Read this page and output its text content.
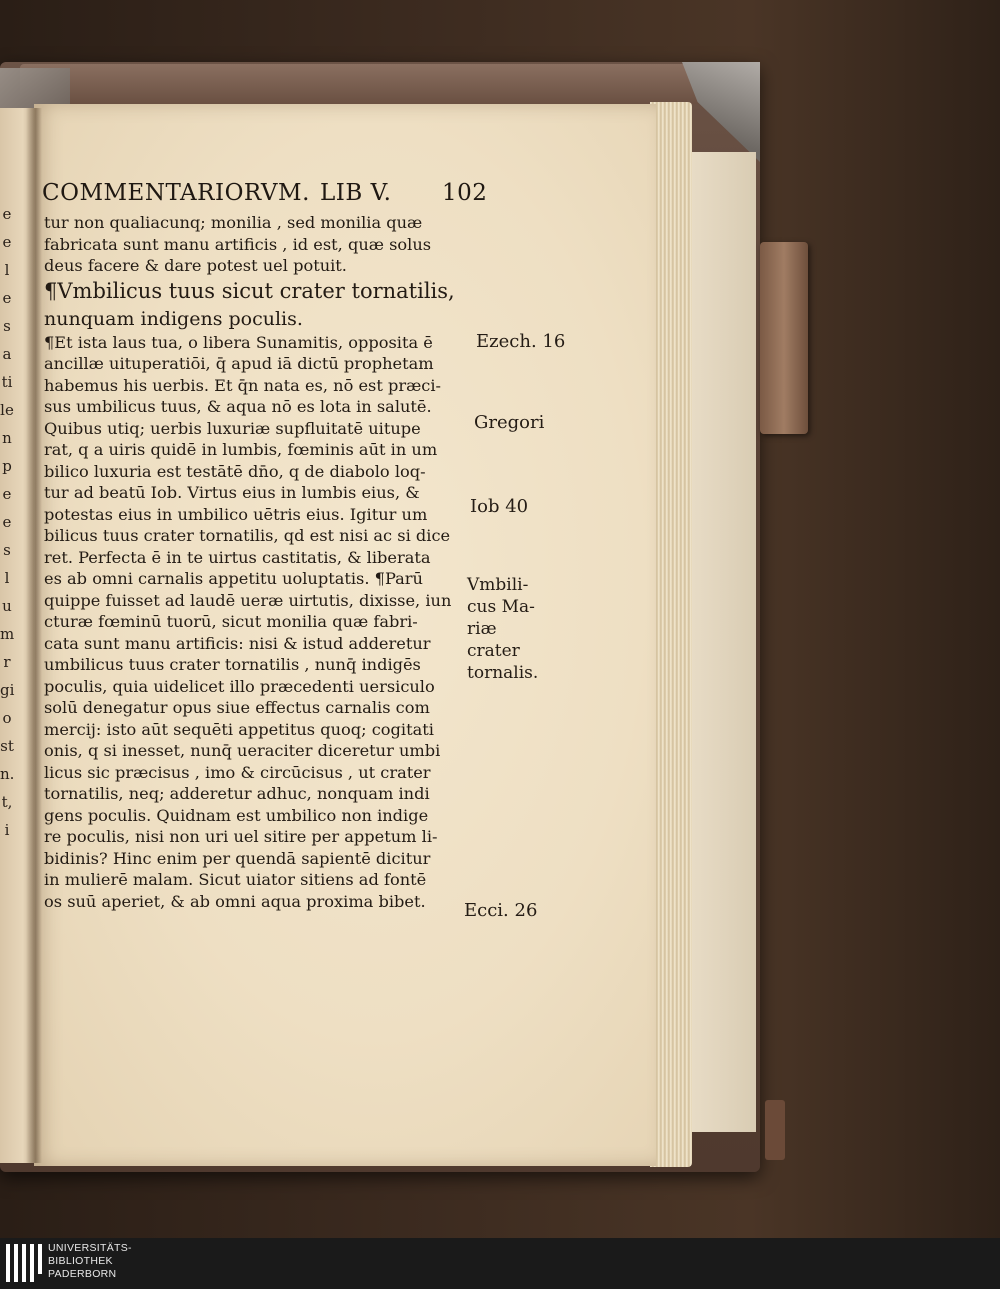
e
e
l
e
s
a
ti
le
n
p
e
e
s
l
u
m
r
gi
o
st
n.
t,
i
COMMENTARIORVM. LIB V. 102
tur non qualiacunq; monilia , sed monilia quæ
fabricata sunt manu artificis , id est, quæ solus
deus facere & dare potest uel potuit.
¶Vmbilicus tuus sicut crater tornatilis,
nunquam indigens poculis.
¶Et ista laus tua, o libera Sunamitis, opposita ē
ancillæ uituperatiōi, q̄ apud iā dictū prophetam
habemus his uerbis. Et q̄n nata es, nō est præci-
sus umbilicus tuus, & aqua nō es lota in salutē.
Quibus utiq; uerbis luxuriæ supfluitatē uitupe
rat, q a uiris quidē in lumbis, fœminis aūt in um
bilico luxuria est testātē dn̄o, q de diabolo loq-
tur ad beatū Iob. Virtus eius in lumbis eius, &
potestas eius in umbilico uētris eius. Igitur um
bilicus tuus crater tornatilis, qd est nisi ac si dice
ret. Perfecta ē in te uirtus castitatis, & liberata
es ab omni carnalis appetitu uoluptatis. ¶Parū
quippe fuisset ad laudē ueræ uirtutis, dixisse, iun
cturæ fœminū tuorū, sicut monilia quæ fabri-
cata sunt manu artificis: nisi & istud adderetur
umbilicus tuus crater tornatilis , nunq̄ indigēs
poculis, quia uidelicet illo præcedenti uersiculo
solū denegatur opus siue effectus carnalis com
mercij: isto aūt sequēti appetitus quoq; cogitati
onis, q si inesset, nunq̄ ueraciter diceretur umbi
licus sic præcisus , imo & circūcisus , ut crater
tornatilis, neq; adderetur adhuc, nonquam indi
gens poculis. Quidnam est umbilico non indige
re poculis, nisi non uri uel sitire per appetum li-
bidinis? Hinc enim per quendā sapientē dicitur
in mulierē malam. Sicut uiator sitiens ad fontē
os suū aperiet, & ab omni aqua proxima bibet.
Ezech. 16
Gregori
Iob 40
Vmbili-
cus Ma-
riæ crater
tornalis.
Ecci. 26
UNIVERSITÄTS-
BIBLIOTHEK
PADERBORN
